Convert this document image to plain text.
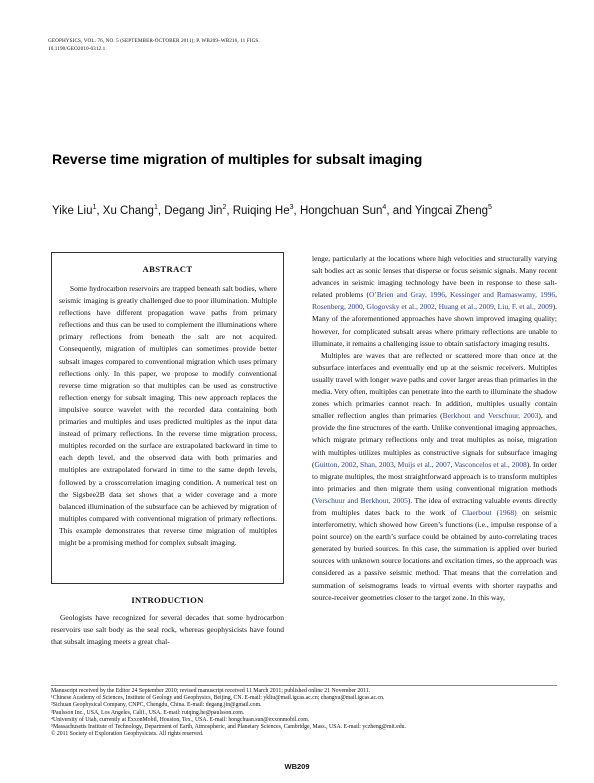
GEOPHYSICS, VOL. 76, NO. 5 (SEPTEMBER-OCTOBER 2011); P. WB209–WB216, 11 FIGS.
10.1190/GEO2010-0312.1
Reverse time migration of multiples for subsalt imaging
Yike Liu$^1$, Xu Chang$^1$, Degang Jin$^2$, Ruiqing He$^3$, Hongchuan Sun$^4$, and Yingcai Zheng$^5$
ABSTRACT

Some hydrocarbon reservoirs are trapped beneath salt bodies, where seismic imaging is greatly challenged due to poor illumination. Multiple reflections have different propagation wave paths from primary reflections and thus can be used to complement the illuminations where primary reflections from beneath the salt are not acquired. Consequently, migration of multiples can sometimes provide better subsalt images compared to conventional migration which uses primary reflections only. In this paper, we propose to modify conventional reverse time migration so that multiples can be used as constructive reflection energy for subsalt imaging. This new approach replaces the impulsive source wavelet with the recorded data containing both primaries and multiples and uses predicted multiples as the input data instead of primary reflections. In the reverse time migration process, multiples recorded on the surface are extrapolated backward in time to each depth level, and the observed data with both primaries and multiples are extrapolated forward in time to the same depth levels, followed by a crosscorrelation imaging condition. A numerical test on the Sigsbee2B data set shows that a wider coverage and a more balanced illumination of the subsurface can be achieved by migration of multiples compared with conventional migration of primary reflections. This example demonstrates that reverse time migration of multiples might be a promising method for complex subsalt imaging.

INTRODUCTION

Geologists have recognized for several decades that some hydrocarbon reservoirs use salt body as the seal rock, whereas geophysicists have found that subsalt imaging meets a great chal-

lenge, particularly at the locations where high velocities and structurally varying salt bodies act as sonic lenses that disperse or focus seismic signals. Many recent advances in seismic imaging technology have been in response to these salt-related problems (O’Brien and Gray, 1996, Kessinger and Ramaswamy, 1996, Rosenberg, 2000, Glogovsky et al., 2002, Huang et al., 2009, Liu, F. et al., 2009). Many of the aforementioned approaches have shown improved imaging quality; however, for complicated subsalt areas where primary reflections are unable to illuminate, it remains a challenging issue to obtain satisfactory imaging results.

Multiples are waves that are reflected or scattered more than once at the subsurface interfaces and eventually end up at the seismic receivers. Multiples usually travel with longer wave paths and cover larger areas than primaries in the media. Very often, multiples can penetrate into the earth to illuminate the shadow zones which primaries cannot reach. In addition, multiples usually contain smaller reflection angles than primaries (Berkhout and Verschuur, 2003), and provide the fine structures of the earth. Unlike conventional imaging approaches, which migrate primary reflections only and treat multiples as noise, migration with multiples utilizes multiples as constructive signals for subsurface imaging (Guitton, 2002, Shan, 2003, Muijs et al., 2007, Vasconcelos et al., 2008). In order to migrate multiples, the most straightforward approach is to transform multiples into primaries and then migrate them using conventional migration methods (Verschuur and Berkhout, 2005). The idea of extracting valuable events directly from multiples dates back to the work of Claerbout (1968) on seismic interferometry, which showed how Green’s functions (i.e., impulse response of a point source) on the earth’s surface could be obtained by auto-correlating traces generated by buried sources. In this case, the summation is applied over buried sources with unknown source locations and excitation times, so the approach was considered as a passive seismic method. That means that the correlation and summation of seismograms leads to virtual events with shorter raypaths and source-receiver geometries closer to the target zone. In this way,

Manuscript received by the Editor 24 September 2010; revised manuscript received 11 March 2011; published online 21 November 2011.
¹Chinese Academy of Sciences, Institute of Geology and Geophysics, Beijing, CN. E-mail: ykliu@mail.igcas.ac.cn; changxu@mail.igcas.ac.cn.
²Sichuan Geophysical Company, CNPC, Chengdu, China. E-mail: degang.jin@gmail.com.
³Paulsson Inc., USA, Los Angeles, Calif., USA. E-mail: ruiqing.he@paulsson.com.
⁴University of Utah, currently at ExxonMobil, Houston, Tex., USA. E-mail: hongchuan.sun@exxonmobil.com.
⁵Massachusetts Institute of Technology, Department of Earth, Atmospheric, and Planetary Sciences, Cambridge, Mass., USA. E-mail: yczheng@mit.edu.
© 2011 Society of Exploration Geophysicists. All rights reserved.
WB209
